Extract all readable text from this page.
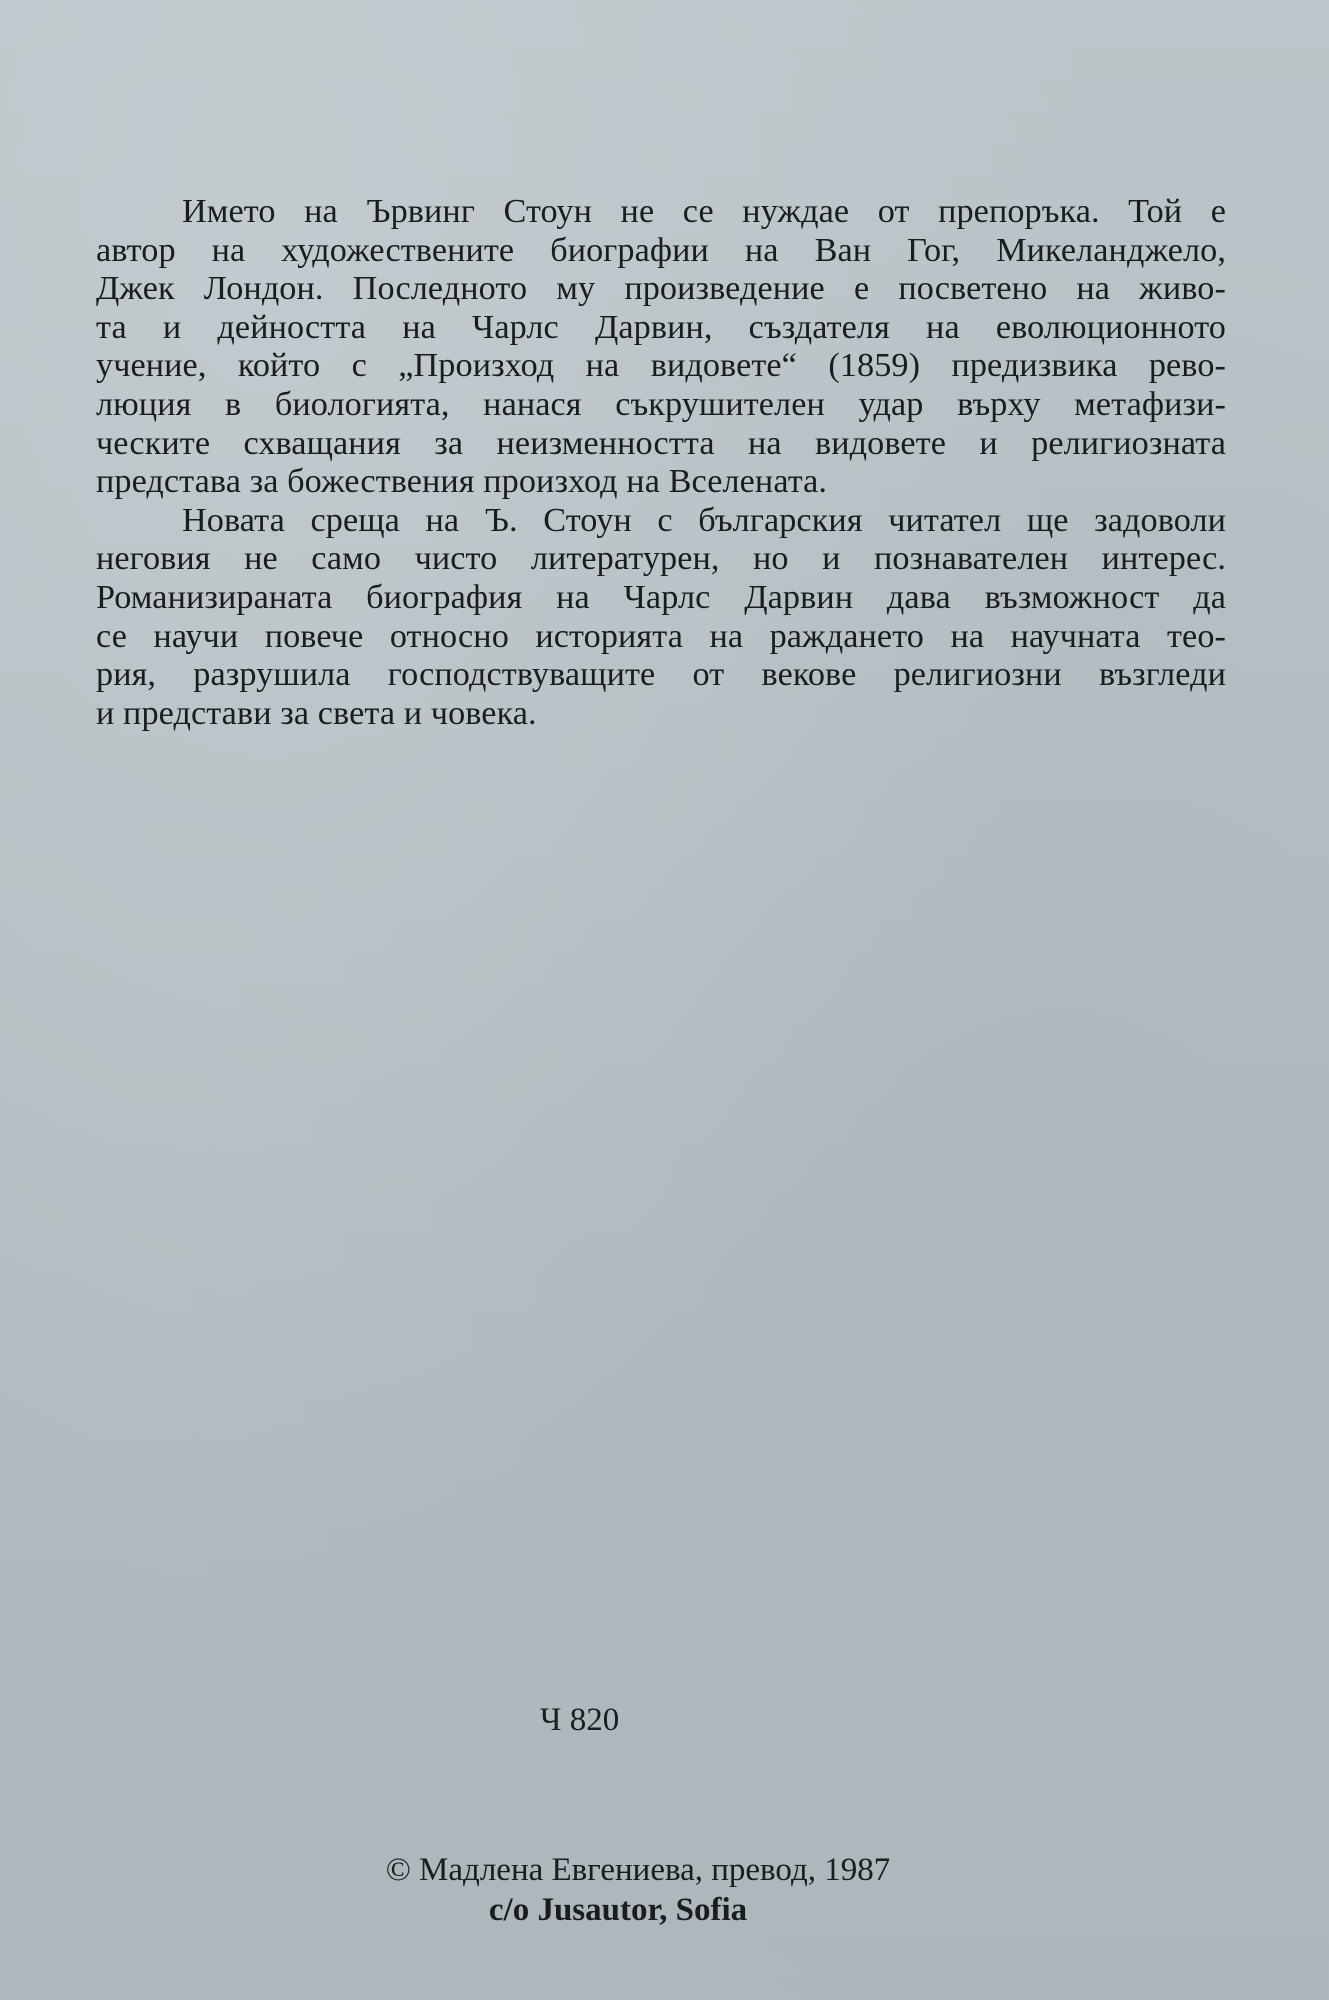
Името на Ървинг Стоун не се нуждае от препоръка. Той е
автор на художествените биографии на Ван Гог, Микеланджело,
Джек Лондон. Последното му произведение е посветено на живо-
та и дейността на Чарлс Дарвин, създателя на еволюционното
учение, който с „Произход на видовете“ (1859) предизвика рево-
люция в биологията, нанася съкрушителен удар върху метафизи-
ческите схващания за неизменността на видовете и религиозната
представа за божествения произход на Вселената.

Новата среща на Ъ. Стоун с българския читател ще задоволи
неговия не само чисто литературен, но и познавателен интерес.
Романизираната биография на Чарлс Дарвин дава възможност да
се научи повече относно историята на раждането на научната тео-
рия, разрушила господствуващите от векове религиозни възгледи
и представи за света и човека.

Ч 820
© Мадлена Евгениева, превод, 1987
c/o Jusautor, Sofia
